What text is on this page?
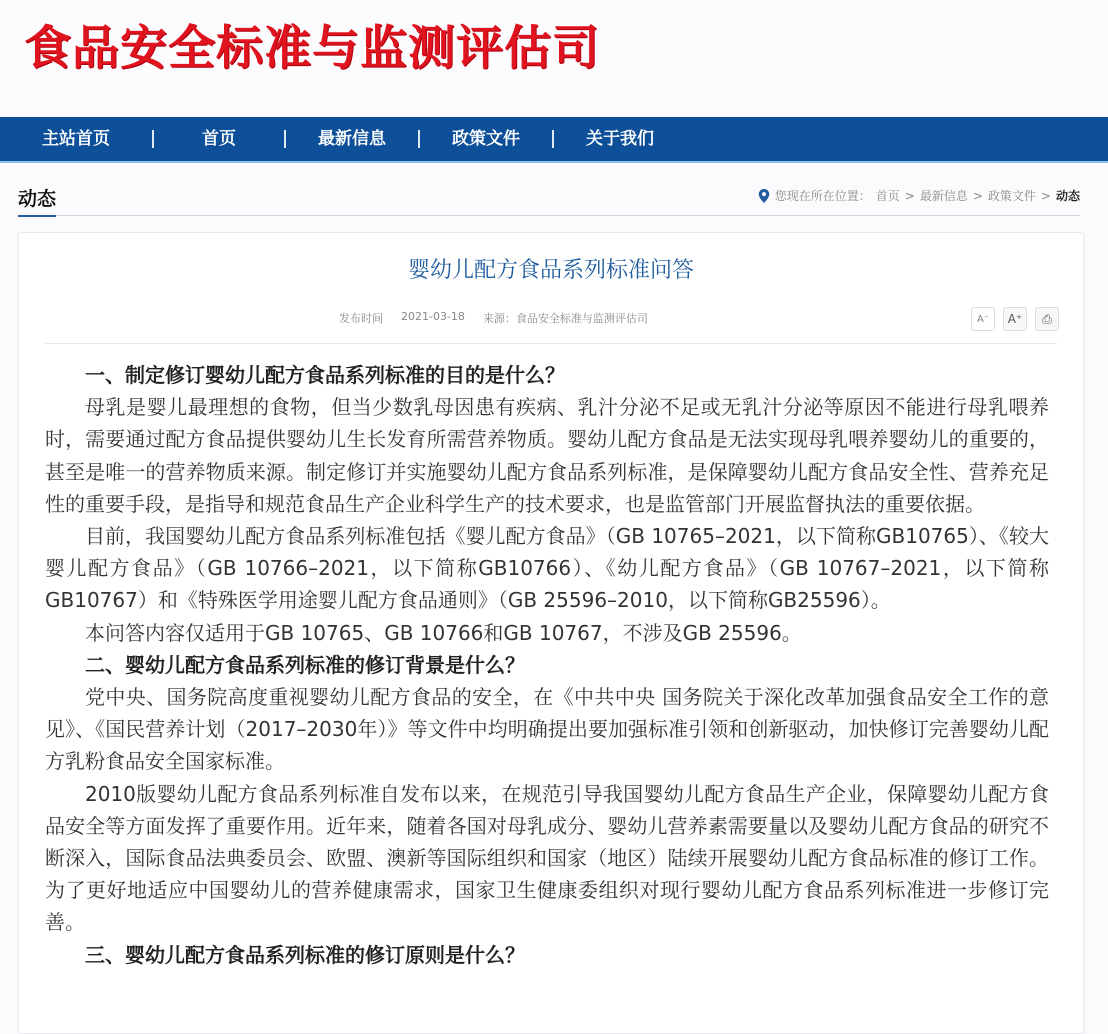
食品安全标准与监测评估司
主站首页	首页	最新信息	政策文件	关于我们
动态	您现在所在位置： 首页 > 最新信息 > 政策文件 > 动态
婴幼儿配方食品系列标准问答
发布时间 2021-03-18 来源：食品安全标准与监测评估司	A⁻ A⁺ ⎙

一、制定修订婴幼儿配方食品系列标准的目的是什么？

母乳是婴儿最理想的食物，但当少数乳母因患有疾病、乳汁分泌不足或无乳汁分泌等原因不能进行母乳喂养时，需要通过配方食品提供婴幼儿生长发育所需营养物质。婴幼儿配方食品是无法实现母乳喂养婴幼儿的重要的，甚至是唯一的营养物质来源。制定修订并实施婴幼儿配方食品系列标准，是保障婴幼儿配方食品安全性、营养充足性的重要手段，是指导和规范食品生产企业科学生产的技术要求，也是监管部门开展监督执法的重要依据。

目前，我国婴幼儿配方食品系列标准包括《婴儿配方食品》（GB 10765–2021，以下简称GB10765）、《较大婴儿配方食品》（GB 10766–2021，以下简称GB10766）、《幼儿配方食品》（GB 10767–2021，以下简称GB10767）和《特殊医学用途婴儿配方食品通则》（GB 25596–2010，以下简称GB25596）。

本问答内容仅适用于GB 10765、GB 10766和GB 10767，不涉及GB 25596。

二、婴幼儿配方食品系列标准的修订背景是什么？

党中央、国务院高度重视婴幼儿配方食品的安全，在《中共中央 国务院关于深化改革加强食品安全工作的意见》、《国民营养计划（2017–2030年）》等文件中均明确提出要加强标准引领和创新驱动，加快修订完善婴幼儿配方乳粉食品安全国家标准。

2010版婴幼儿配方食品系列标准自发布以来，在规范引导我国婴幼儿配方食品生产企业，保障婴幼儿配方食品安全等方面发挥了重要作用。近年来，随着各国对母乳成分、婴幼儿营养素需要量以及婴幼儿配方食品的研究不断深入，国际食品法典委员会、欧盟、澳新等国际组织和国家（地区）陆续开展婴幼儿配方食品标准的修订工作。为了更好地适应中国婴幼儿的营养健康需求，国家卫生健康委组织对现行婴幼儿配方食品系列标准进一步修订完善。

三、婴幼儿配方食品系列标准的修订原则是什么？
